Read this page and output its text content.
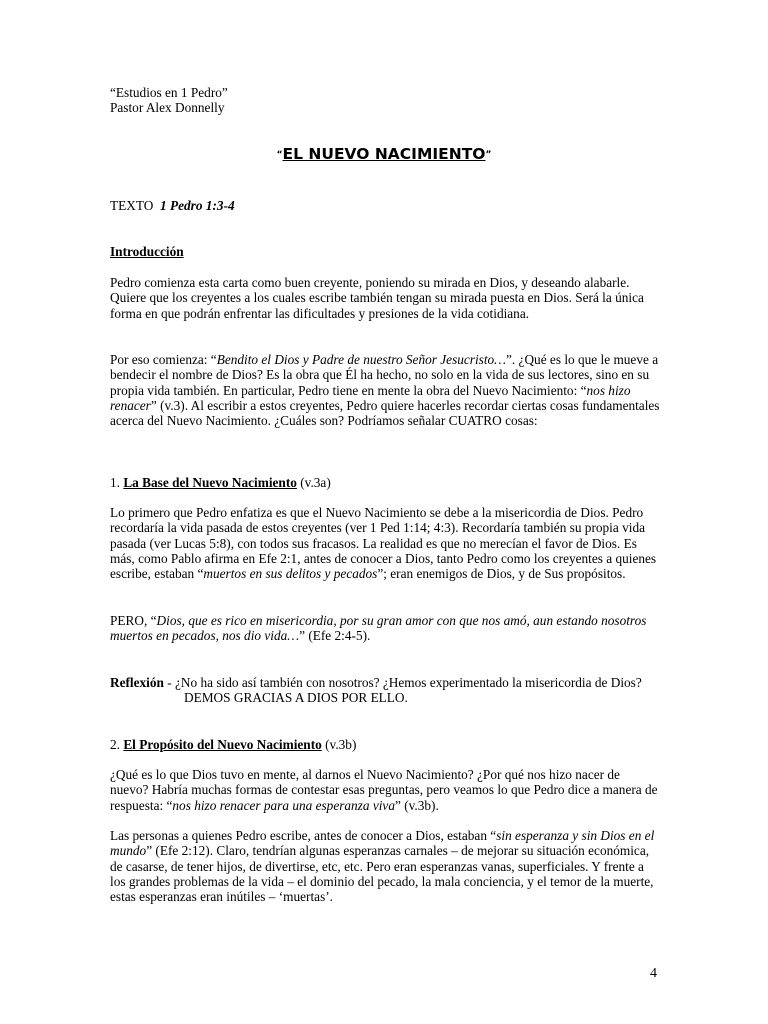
“Estudios en 1 Pedro”

Pastor Alex Donnelly

“EL NUEVO NACIMIENTO”

TEXTO 1 Pedro 1:3-4

Introducción

Pedro comienza esta carta como buen creyente, poniendo su mirada en Dios, y deseando alabarle. Quiere que los creyentes a los cuales escribe también tengan su mirada puesta en Dios. Será la única forma en que podrán enfrentar las dificultades y presiones de la vida cotidiana.

Por eso comienza: “Bendito el Dios y Padre de nuestro Señor Jesucristo…”. ¿Qué es lo que le mueve a bendecir el nombre de Dios? Es la obra que Él ha hecho, no solo en la vida de sus lectores, sino en su propia vida también. En particular, Pedro tiene en mente la obra del Nuevo Nacimiento: “nos hizo renacer” (v.3). Al escribir a estos creyentes, Pedro quiere hacerles recordar ciertas cosas fundamentales acerca del Nuevo Nacimiento. ¿Cuáles son? Podríamos señalar CUATRO cosas:

1. La Base del Nuevo Nacimiento (v.3a)

Lo primero que Pedro enfatiza es que el Nuevo Nacimiento se debe a la misericordia de Dios. Pedro recordaría la vida pasada de estos creyentes (ver 1 Ped 1:14; 4:3). Recordaría también su propia vida pasada (ver Lucas 5:8), con todos sus fracasos. La realidad es que no merecían el favor de Dios. Es más, como Pablo afirma en Efe 2:1, antes de conocer a Dios, tanto Pedro como los creyentes a quienes escribe, estaban “muertos en sus delitos y pecados”; eran enemigos de Dios, y de Sus propósitos.

PERO, “Dios, que es rico en misericordia, por su gran amor con que nos amó, aun estando nosotros muertos en pecados, nos dio vida…” (Efe 2:4-5).

Reflexión - ¿No ha sido así también con nosotros? ¿Hemos experimentado la misericordia de Dios? DEMOS GRACIAS A DIOS POR ELLO.

2. El Propósito del Nuevo Nacimiento (v.3b)

¿Qué es lo que Dios tuvo en mente, al darnos el Nuevo Nacimiento? ¿Por qué nos hizo nacer de nuevo? Habría muchas formas de contestar esas preguntas, pero veamos lo que Pedro dice a manera de respuesta: “nos hizo renacer para una esperanza viva” (v.3b).

Las personas a quienes Pedro escribe, antes de conocer a Dios, estaban “sin esperanza y sin Dios en el mundo” (Efe 2:12). Claro, tendrían algunas esperanzas carnales – de mejorar su situación económica, de casarse, de tener hijos, de divertirse, etc, etc. Pero eran esperanzas vanas, superficiales. Y frente a los grandes problemas de la vida – el dominio del pecado, la mala conciencia, y el temor de la muerte, estas esperanzas eran inútiles – ‘muertas’.

4
